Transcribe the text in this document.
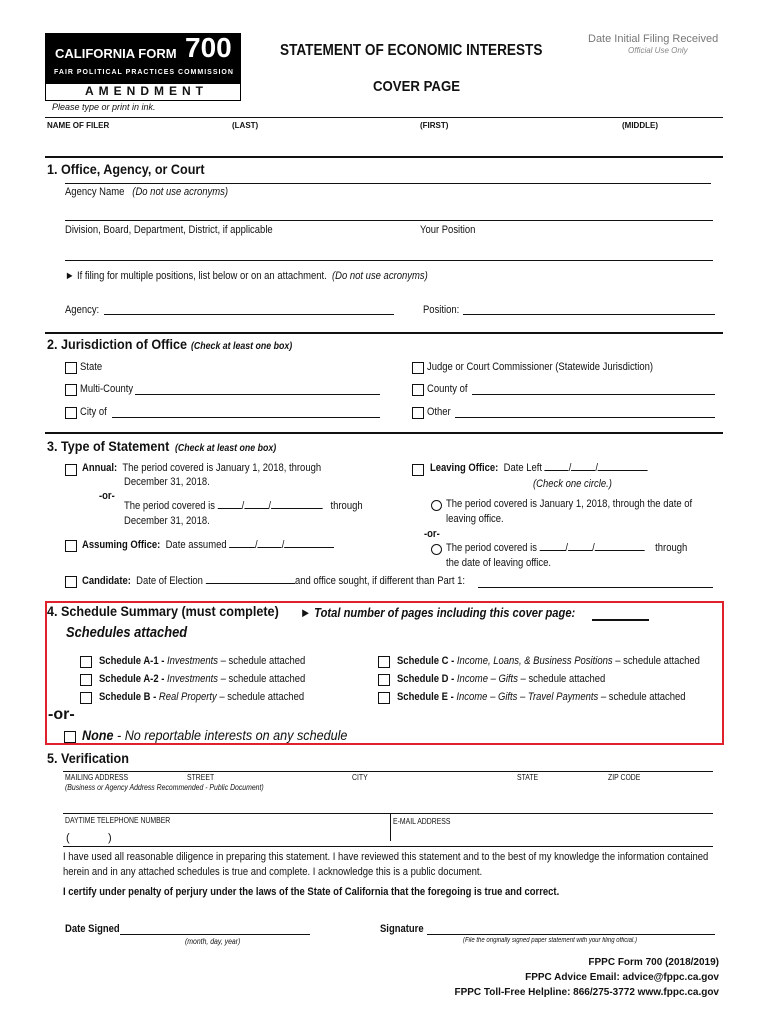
CALIFORNIA FORM 700
FAIR POLITICAL PRACTICES COMMISSION
AMENDMENT
Please type or print in ink.
STATEMENT OF ECONOMIC INTERESTS
COVER PAGE
Date Initial Filing Received
Official Use Only
NAME OF FILER	(LAST)	(FIRST)	(MIDDLE)
1. Office, Agency, or Court
Agency Name (Do not use acronyms)
Division, Board, Department, District, if applicable	Your Position
► If filing for multiple positions, list below or on an attachment. (Do not use acronyms)
Agency:	Position:
2. Jurisdiction of Office (Check at least one box)
State	Judge or Court Commissioner (Statewide Jurisdiction)
Multi-County	County of
City of	Other
3. Type of Statement (Check at least one box)
Annual: The period covered is January 1, 2018, through
December 31, 2018.
-or-
The period covered is / /	through
December 31, 2018.
Assuming Office: Date assumed	/ /
Leaving Office: Date Left / /
(Check one circle.)
The period covered is January 1, 2018, through the date of
leaving office.
-or-
The period covered is	/ /	through
the date of leaving office.
Candidate: Date of Election	and office sought, if different than Part 1:
4. Schedule Summary (must complete) ► Total number of pages including this cover page:
Schedules attached
Schedule A-1 - Investments – schedule attached
Schedule A-2 - Investments – schedule attached
Schedule B - Real Property – schedule attached
Schedule C - Income, Loans, & Business Positions – schedule attached
Schedule D - Income – Gifts – schedule attached
Schedule E - Income – Gifts – Travel Payments – schedule attached
-or-
None - No reportable interests on any schedule
5. Verification
MAILING ADDRESS	STREET	CITY	STATE	ZIP CODE
(Business or Agency Address Recommended - Public Document)
DAYTIME TELEPHONE NUMBER	E-MAIL ADDRESS
(	)
I have used all reasonable diligence in preparing this statement. I have reviewed this statement and to the best of my knowledge the information contained
herein and in any attached schedules is true and complete. I acknowledge this is a public document.
I certify under penalty of perjury under the laws of the State of California that the foregoing is true and correct.
Date Signed
(month, day, year)
Signature
(File the originally signed paper statement with your filing official.)
FPPC Form 700 (2018/2019)
FPPC Advice Email: advice@fppc.ca.gov
FPPC Toll-Free Helpline: 866/275-3772 www.fppc.ca.gov
